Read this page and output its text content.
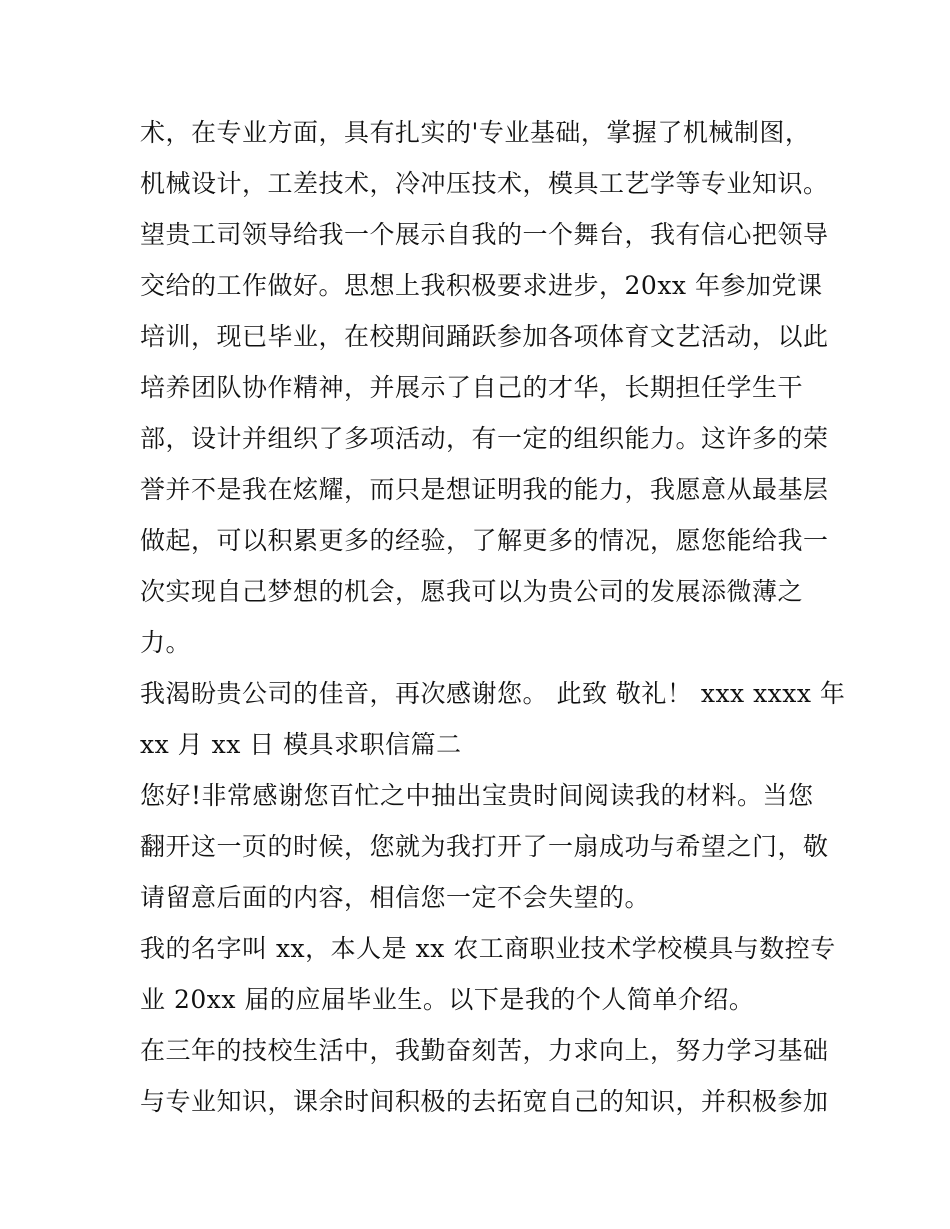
术，在专业方面，具有扎实的'专业基础，掌握了机械制图，
机械设计，工差技术，冷冲压技术，模具工艺学等专业知识。
望贵工司领导给我一个展示自我的一个舞台，我有信心把领导
交给的工作做好。思想上我积极要求进步，20xx 年参加党课
培训，现已毕业，在校期间踊跃参加各项体育文艺活动，以此
培养团队协作精神，并展示了自己的才华，长期担任学生干
部，设计并组织了多项活动，有一定的组织能力。这许多的荣
誉并不是我在炫耀，而只是想证明我的能力，我愿意从最基层
做起，可以积累更多的经验，了解更多的情况，愿您能给我一
次实现自己梦想的机会，愿我可以为贵公司的发展添微薄之
力。
我渴盼贵公司的佳音，再次感谢您。 此致 敬礼！ xxx xxxx 年
xx 月 xx 日 模具求职信篇二
您好!非常感谢您百忙之中抽出宝贵时间阅读我的材料。当您
翻开这一页的时候，您就为我打开了一扇成功与希望之门，敬
请留意后面的内容，相信您一定不会失望的。
我的名字叫 xx，本人是 xx 农工商职业技术学校模具与数控专
业 20xx 届的应届毕业生。以下是我的个人简单介绍。
在三年的技校生活中，我勤奋刻苦，力求向上，努力学习基础
与专业知识，课余时间积极的去拓宽自己的知识，并积极参加
